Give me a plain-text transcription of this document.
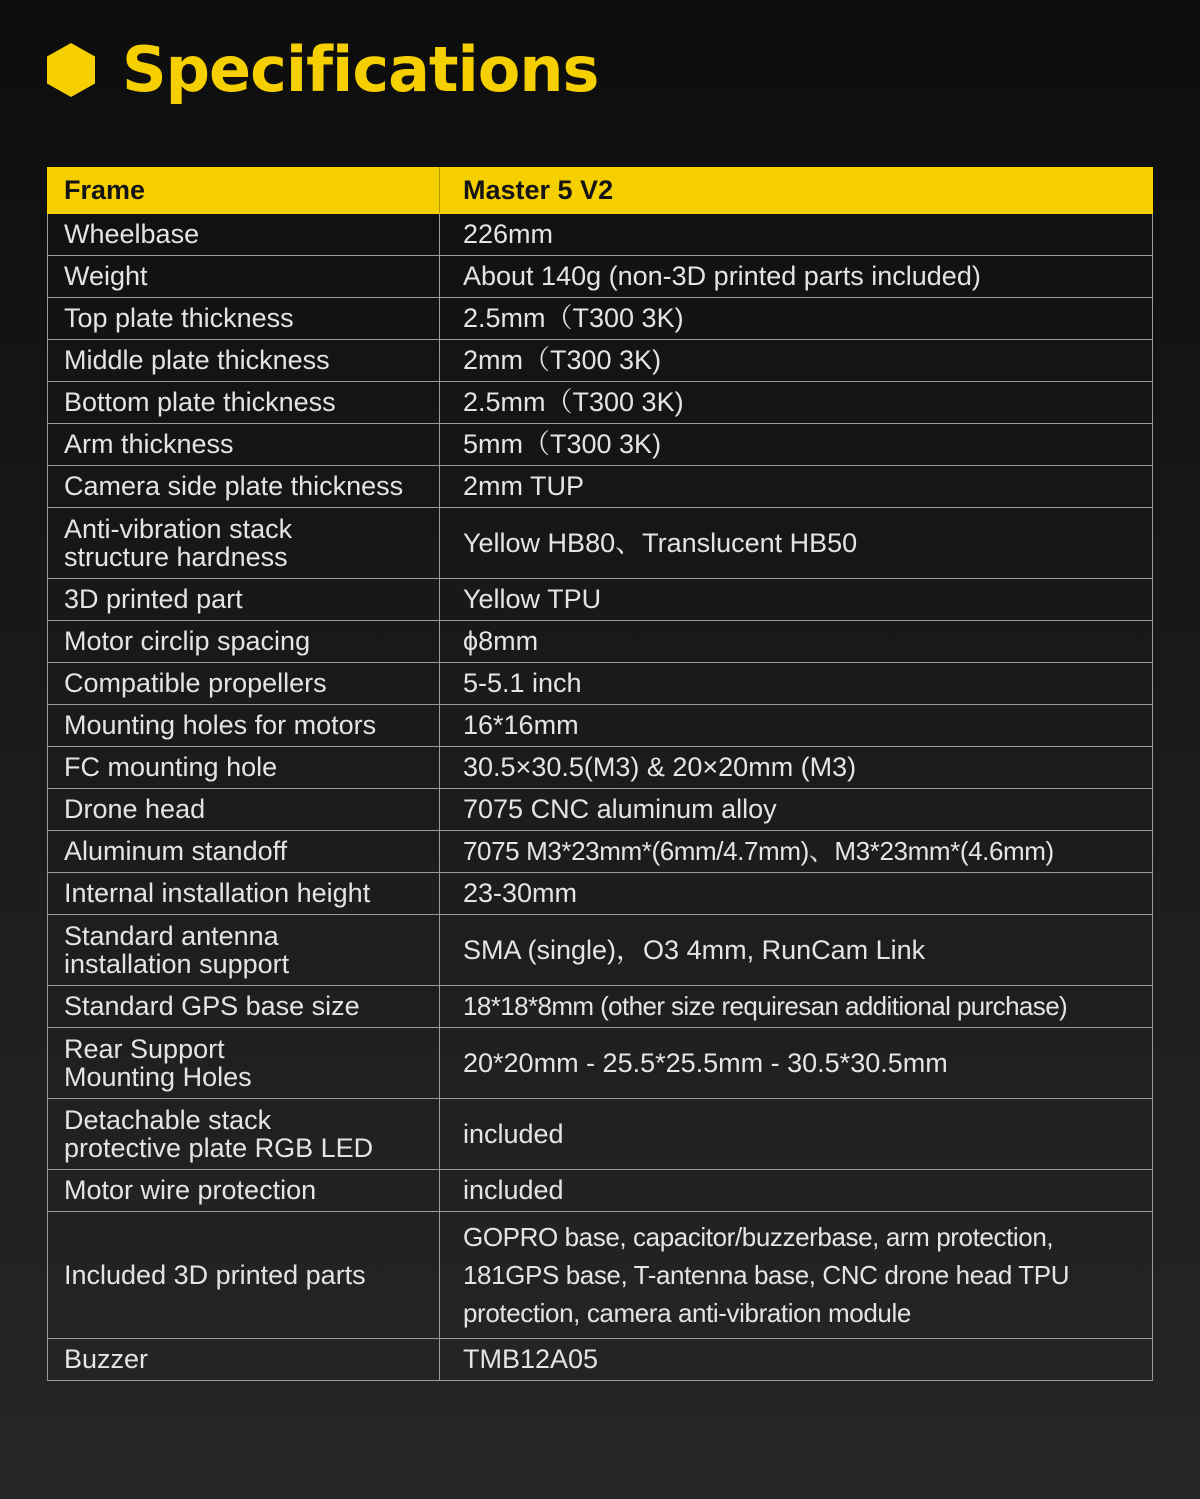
Specifications
Frame	Master 5 V2
Wheelbase	226mm
Weight	About 140g (non-3D printed parts included)
Top plate thickness	2.5mm（T300 3K)
Middle plate thickness	2mm（T300 3K)
Bottom plate thickness	2.5mm（T300 3K)
Arm thickness	5mm（T300 3K)
Camera side plate thickness	2mm TUP
Anti-vibration stack
structure hardness	Yellow HB80、Translucent HB50
3D printed part	Yellow TPU
Motor circlip spacing	ϕ8mm
Compatible propellers	5-5.1 inch
Mounting holes for motors	16*16mm
FC mounting hole	30.5×30.5(M3) & 20×20mm (M3)
Drone head	7075 CNC aluminum alloy
Aluminum standoff	7075 M3*23mm*(6mm/4.7mm)、M3*23mm*(4.6mm)
Internal installation height	23-30mm
Standard antenna
installation support	SMA (single)，O3 4mm, RunCam Link
Standard GPS base size	18*18*8mm (other size requiresan additional purchase)
Rear Support
Mounting Holes	20*20mm - 25.5*25.5mm - 30.5*30.5mm
Detachable stack
protective plate RGB LED	included
Motor wire protection	included
Included 3D printed parts	GOPRO base, capacitor/buzzerbase, arm protection,
181GPS base, T-antenna base, CNC drone head TPU
protection, camera anti-vibration module
Buzzer	TMB12A05
